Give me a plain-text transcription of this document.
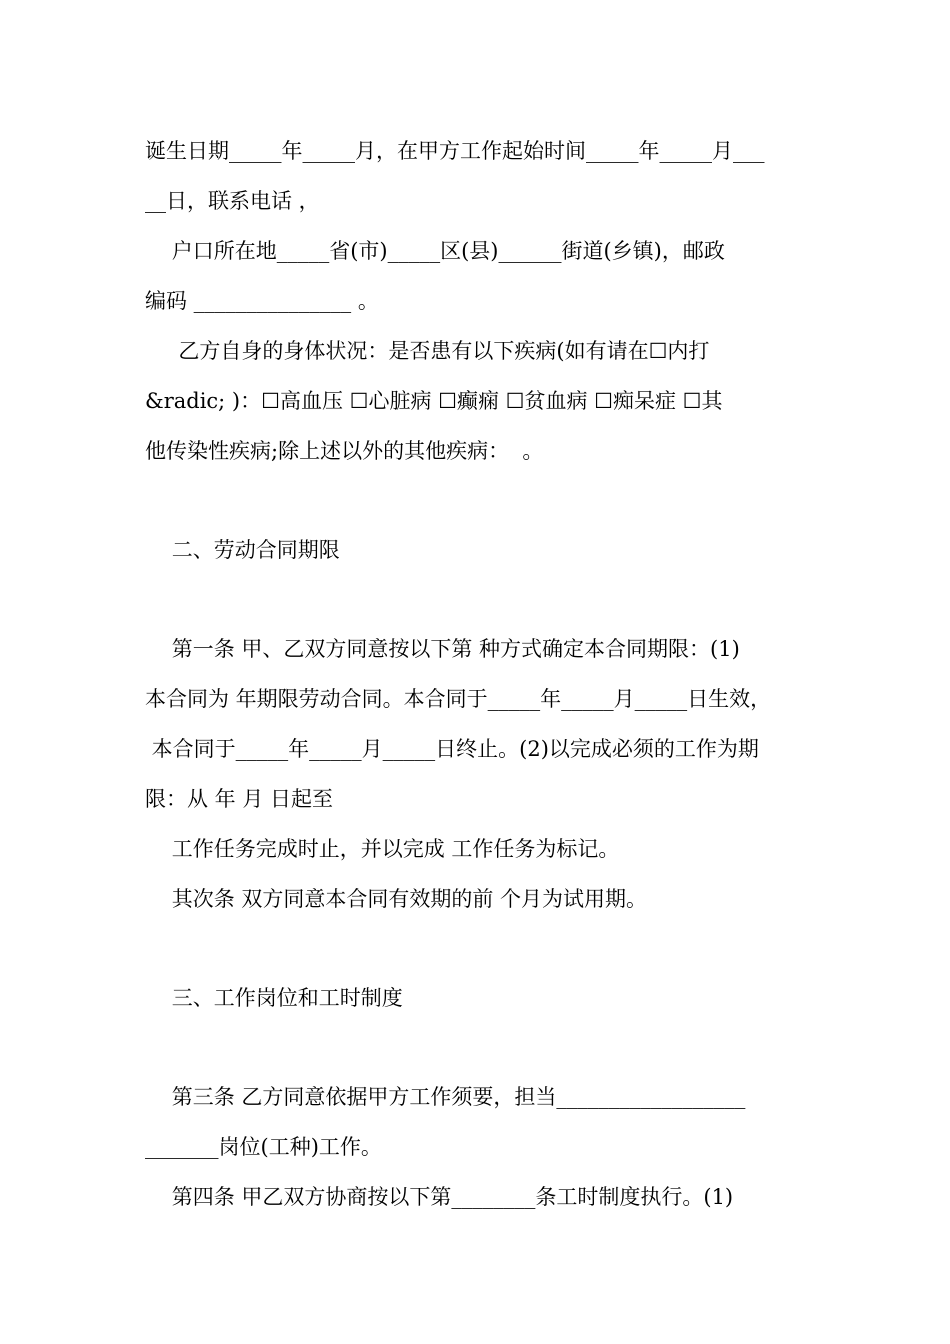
诞生日期_____年_____月，在甲方工作起始时间_____年_____月___
__日，联系电话 ，
户口所在地_____省(市)_____区(县)______街道(乡镇)，邮政
编码 _______________ 。
乙方自身的身体状况：是否患有以下疾病(如有请在☐内打
&radic; )：☐高血压 ☐心脏病 ☐癫痫 ☐贫血病 ☐痴呆症 ☐其
他传染性疾病;除上述以外的其他疾病：  。
二、劳动合同期限
第一条 甲、乙双方同意按以下第 种方式确定本合同期限：(1)
本合同为 年期限劳动合同。本合同于_____年_____月_____日生效，
本合同于_____年_____月_____日终止。(2)以完成必须的工作为期
限：从 年 月 日起至
工作任务完成时止，并以完成 工作任务为标记。
其次条 双方同意本合同有效期的前 个月为试用期。
三、工作岗位和工时制度
第三条 乙方同意依据甲方工作须要，担当__________________
_______岗位(工种)工作。
第四条 甲乙双方协商按以下第________条工时制度执行。(1)
